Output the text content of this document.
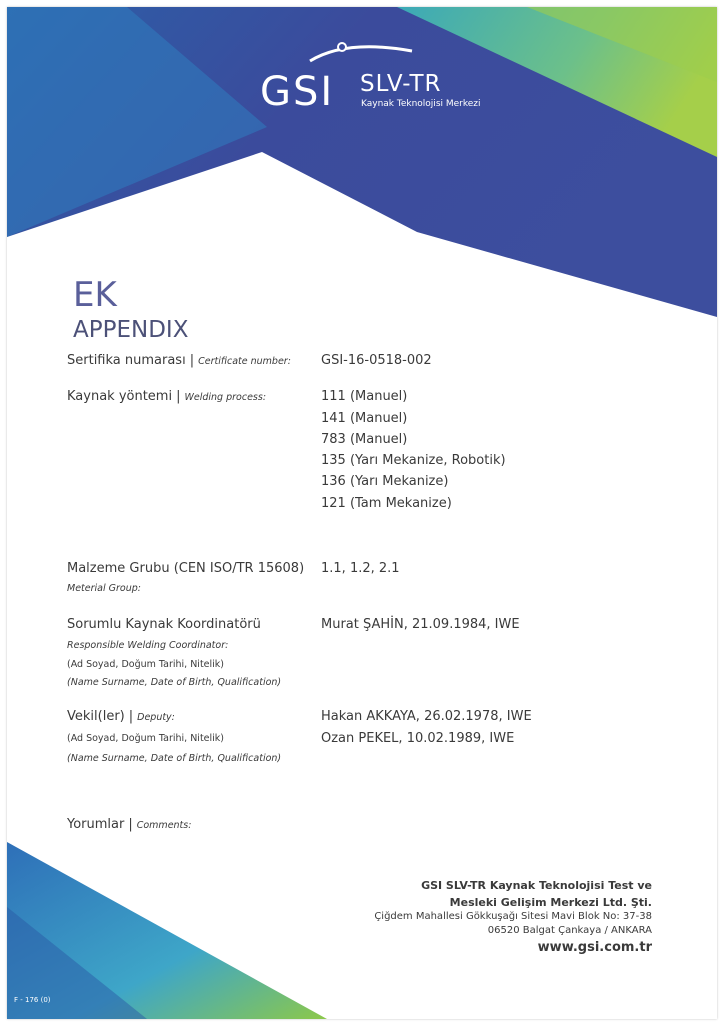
GSI SLV-TR
Kaynak Teknolojisi Merkezi
EK
APPENDIX
Sertifika numarası | Certificate number: GSI-16-0518-002
Kaynak yöntemi | Welding process:	111 (Manuel)
141 (Manuel)
783 (Manuel)
135 (Yarı Mekanize, Robotik)
136 (Yarı Mekanize)
121 (Tam Mekanize)
Malzeme Grubu (CEN ISO/TR 15608)
Meterial Group:
1.1, 1.2, 2.1
Sorumlu Kaynak Koordinatörü
Responsible Welding Coordinator:
(Ad Soyad, Doğum Tarihi, Nitelik)
(Name Surname, Date of Birth, Qualification)
Murat ŞAHİN, 21.09.1984, IWE
Vekil(ler) | Deputy:
(Ad Soyad, Doğum Tarihi, Nitelik)
(Name Surname, Date of Birth, Qualification)
Hakan AKKAYA, 26.02.1978, IWE
Ozan PEKEL, 10.02.1989, IWE
Yorumlar | Comments:
GSI SLV-TR Kaynak Teknolojisi Test ve
Mesleki Gelişim Merkezi Ltd. Şti.
Çiğdem Mahallesi Gökkuşağı Sitesi Mavi Blok No: 37-38
06520 Balgat Çankaya / ANKARA
www.gsi.com.tr
F - 176 (0)
